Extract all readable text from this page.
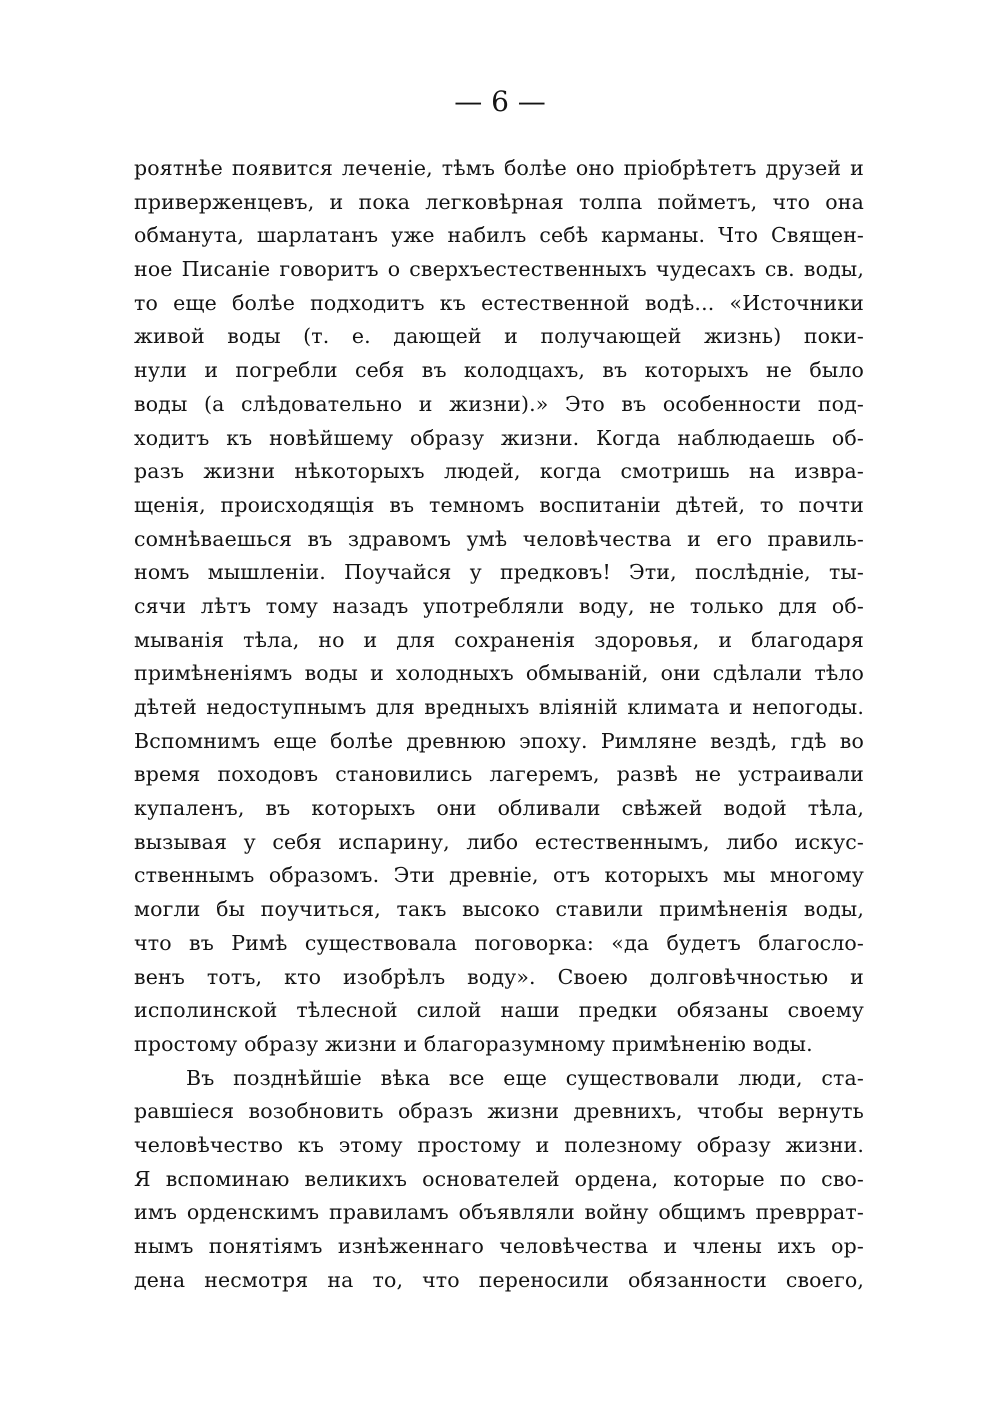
— 6 —
роятнѣе появится леченіе, тѣмъ болѣе оно пріобрѣтетъ друзей и
приверженцевъ, и пока легковѣрная толпа пойметъ, что она
обманута, шарлатанъ уже набилъ себѣ карманы. Что Священ-
ное Писаніе говоритъ о сверхъестественныхъ чудесахъ св. воды,
то еще болѣе подходитъ къ естественной водѣ... «Источники
живой воды (т. е. дающей и получающей жизнь) поки-
нули и погребли себя въ колодцахъ, въ которыхъ не было
воды (а слѣдовательно и жизни).» Это въ особенности под-
ходитъ къ новѣйшему образу жизни. Когда наблюдаешь об-
разъ жизни нѣкоторыхъ людей, когда смотришь на извра-
щенія, происходящія въ темномъ воспитаніи дѣтей, то почти
сомнѣваешься въ здравомъ умѣ человѣчества и его правиль-
номъ мышленіи. Поучайся у предковъ! Эти, послѣдніе, ты-
сячи лѣтъ тому назадъ употребляли воду, не только для об-
мыванія тѣла, но и для сохраненія здоровья, и благодаря
примѣненіямъ воды и холодныхъ обмываній, они сдѣлали тѣло
дѣтей недоступнымъ для вредныхъ вліяній климата и непогоды.
Вспомнимъ еще болѣе древнюю эпоху. Римляне вездѣ, гдѣ во
время походовъ становились лагеремъ, развѣ не устраивали
купаленъ, въ которыхъ они обливали свѣжей водой тѣла,
вызывая у себя испарину, либо естественнымъ, либо искус-
ственнымъ образомъ. Эти древніе, отъ которыхъ мы многому
могли бы поучиться, такъ высоко ставили примѣненія воды,
что въ Римѣ существовала поговорка: «да будетъ благосло-
венъ тотъ, кто изобрѣлъ воду». Своею долговѣчностью и
исполинской тѣлесной силой наши предки обязаны своему
простому образу жизни и благоразумному примѣненію воды.
Въ позднѣйшіе вѣка все еще существовали люди, ста-
равшіеся возобновить образъ жизни древнихъ, чтобы вернуть
человѣчество къ этому простому и полезному образу жизни.
Я вспоминаю великихъ основателей ордена, которые по сво-
имъ орденскимъ правиламъ объявляли войну общимъ превррат-
нымъ понятіямъ изнѣженнаго человѣчества и члены ихъ ор-
дена несмотря на то, что переносили обязанности своего,
